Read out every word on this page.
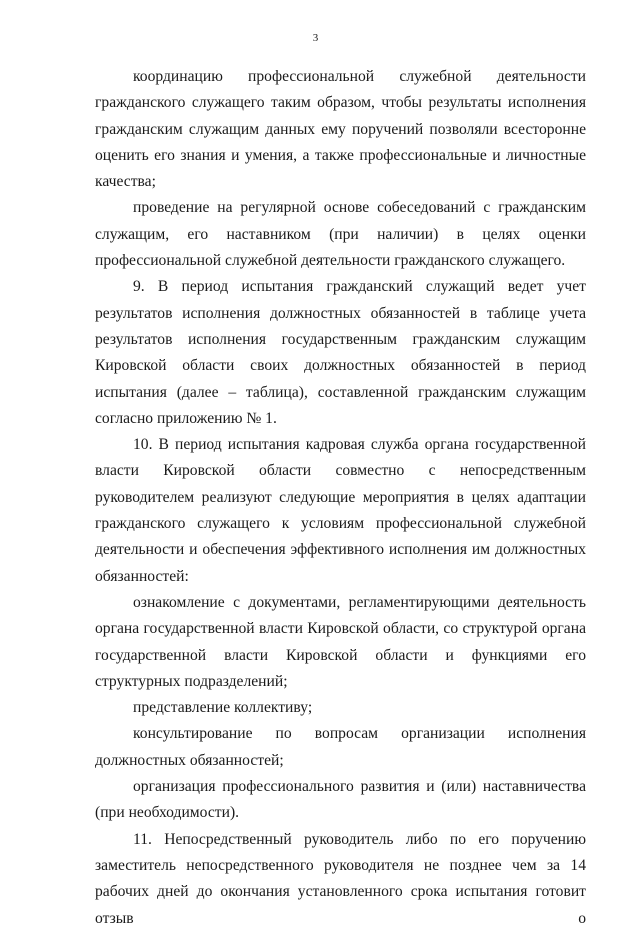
3

координацию профессиональной служебной деятельности гражданского служащего таким образом, чтобы результаты исполнения гражданским служащим данных ему поручений позволяли всесторонне оценить его знания и умения, а также профессиональные и личностные качества;

проведение на регулярной основе собеседований с гражданским служащим, его наставником (при наличии) в целях оценки профессиональной служебной деятельности гражданского служащего.

9. В период испытания гражданский служащий ведет учет результатов исполнения должностных обязанностей в таблице учета результатов исполнения государственным гражданским служащим Кировской области своих должностных обязанностей в период испытания (далее – таблица), составленной гражданским служащим согласно приложению № 1.

10. В период испытания кадровая служба органа государственной власти Кировской области совместно с непосредственным руководителем реализуют следующие мероприятия в целях адаптации гражданского служащего к условиям профессиональной служебной деятельности и обеспечения эффективного исполнения им должностных обязанностей:

ознакомление с документами, регламентирующими деятельность органа государственной власти Кировской области, со структурой органа государственной власти Кировской области и функциями его структурных подразделений;

представление коллективу;

консультирование по вопросам организации исполнения должностных обязанностей;

организация профессионального развития и (или) наставничества (при необходимости).

11. Непосредственный руководитель либо по его поручению заместитель непосредственного руководителя не позднее чем за 14 рабочих дней до окончания установленного срока испытания готовит отзыв о
